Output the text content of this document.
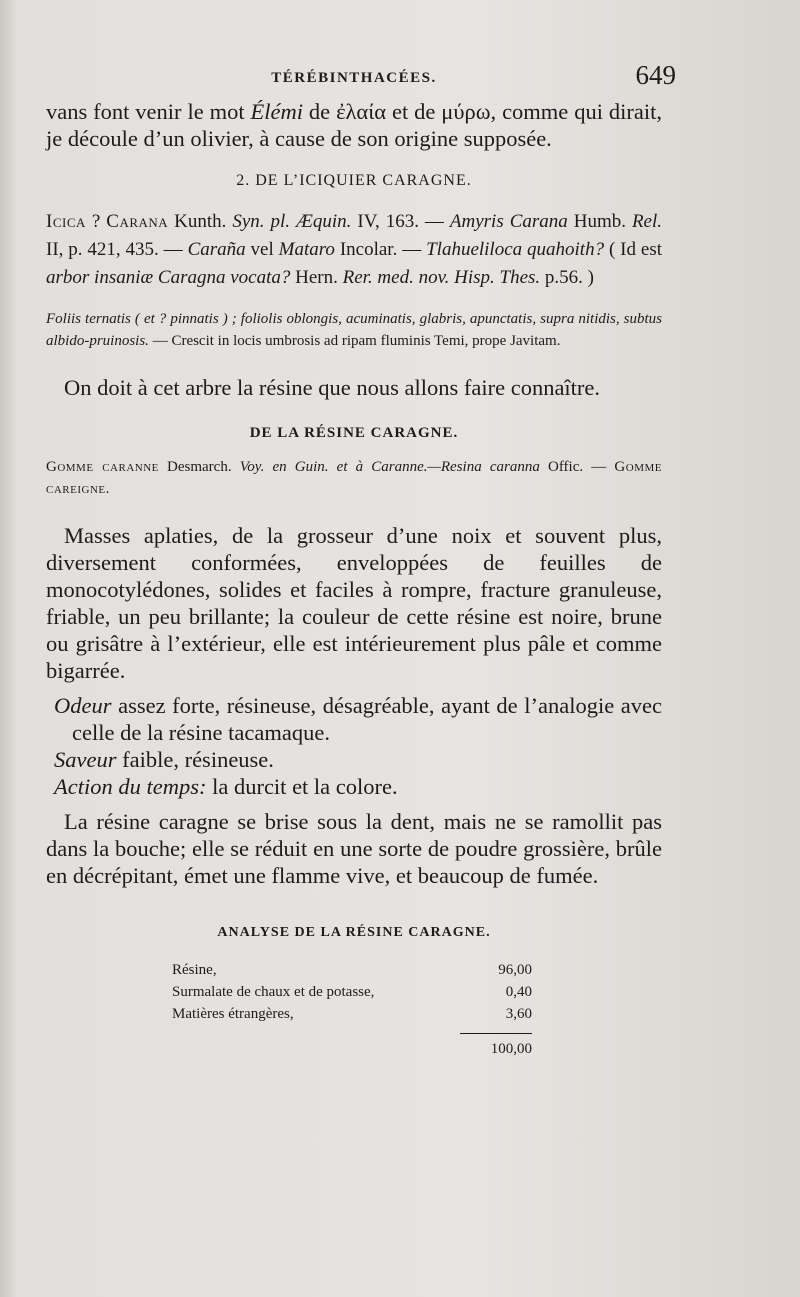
TÉRÉBINTHACÉES.	649

vans font venir le mot Élémi de ἐλαία et de μύρω, comme qui dirait, je découle d’un olivier, à cause de son origine supposée.

2. DE L’ICIQUIER CARAGNE.

Icica ? Carana Kunth. Syn. pl. Æquin. IV, 163. — Amyris Carana Humb. Rel. II, p. 421, 435. — Caraña vel Mataro Incolar. — Tlahueliloca quahoith? ( Id est arbor insaniæ Caragna vocata? Hern. Rer. med. nov. Hisp. Thes. p.56. )

Foliis ternatis ( et ? pinnatis ) ; foliolis oblongis, acuminatis, glabris, apunctatis, supra nitidis, subtus albido-pruinosis. — Crescit in locis umbrosis ad ripam fluminis Temi, prope Javitam.

On doit à cet arbre la résine que nous allons faire connaître.

DE LA RÉSINE CARAGNE.

Gomme caranne Desmarch. Voy. en Guin. et à Caranne.—Resina caranna Offic. — Gomme careigne.

Masses aplaties, de la grosseur d’une noix et souvent plus, diversement conformées, enveloppées de feuilles de monocotylédones, solides et faciles à rompre, fracture granuleuse, friable, un peu brillante; la couleur de cette résine est noire, brune ou grisâtre à l’extérieur, elle est intérieurement plus pâle et comme bigarrée.

Odeur assez forte, résineuse, désagréable, ayant de l’analogie avec celle de la résine tacamaque.

Saveur faible, résineuse.

Action du temps: la durcit et la colore.

La résine caragne se brise sous la dent, mais ne se ramollit pas dans la bouche; elle se réduit en une sorte de poudre grossière, brûle en décrépitant, émet une flamme vive, et beaucoup de fumée.

ANALYSE DE LA RÉSINE CARAGNE.
Résine,	96,00
Surmalate de chaux et de potasse,	0,40
Matières étrangères,	3,60
100,00
